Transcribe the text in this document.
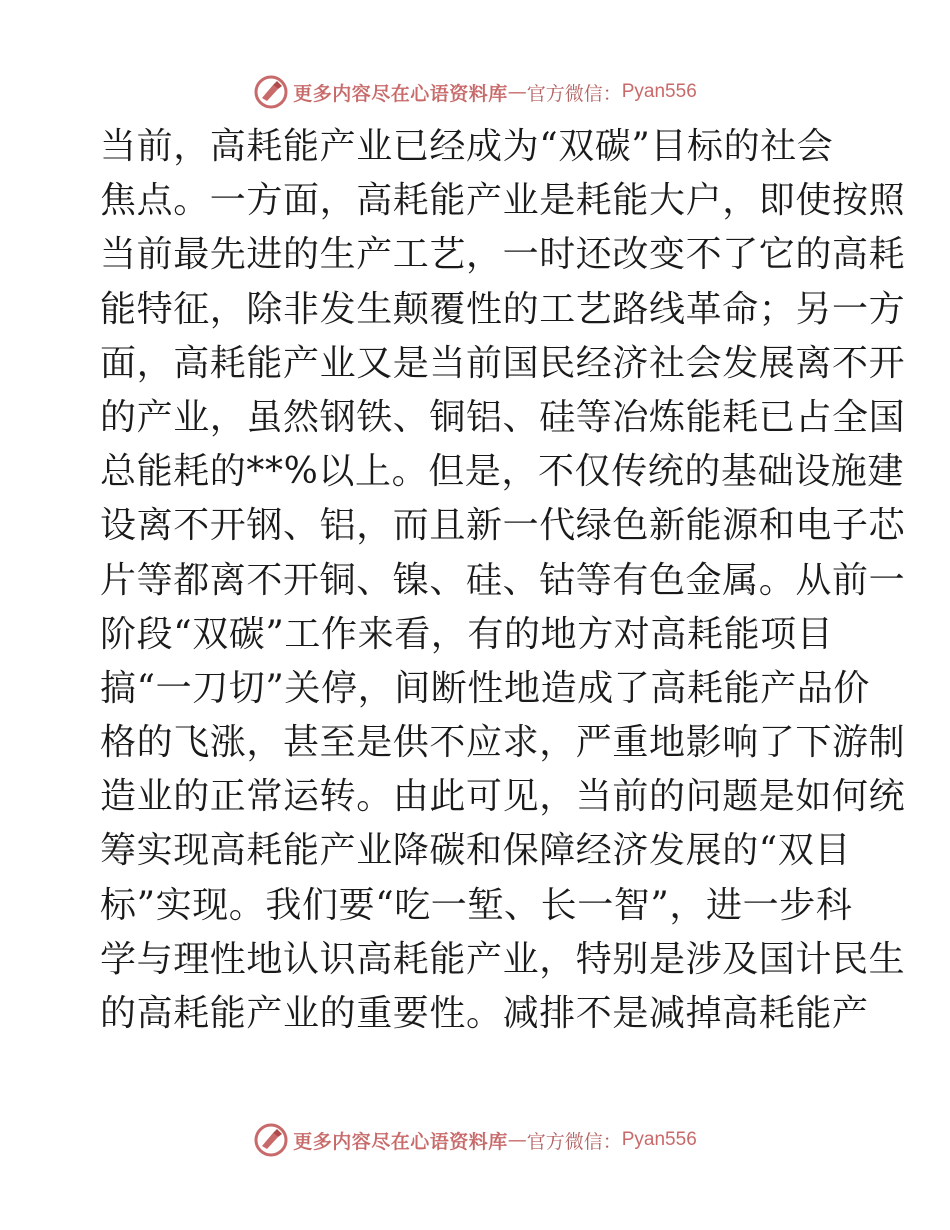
更多内容尽在心语资料库 — 官方微信： Pyan556
当前，高耗能产业已经成为“双碳”目标的社会
焦点。一方面，高耗能产业是耗能大户，即使按照
当前最先进的生产工艺，一时还改变不了它的高耗
能特征，除非发生颠覆性的工艺路线革命；另一方
面，高耗能产业又是当前国民经济社会发展离不开
的产业，虽然钢铁、铜铝、硅等冶炼能耗已占全国
总能耗的**%以上。但是，不仅传统的基础设施建
设离不开钢、铝，而且新一代绿色新能源和电子芯
片等都离不开铜、镍、硅、钴等有色金属。从前一
阶段“双碳”工作来看，有的地方对高耗能项目
搞“一刀切”关停，间断性地造成了高耗能产品价
格的飞涨，甚至是供不应求，严重地影响了下游制
造业的正常运转。由此可见，当前的问题是如何统
筹实现高耗能产业降碳和保障经济发展的“双目
标”实现。我们要“吃一堑、长一智”，进一步科
学与理性地认识高耗能产业，特别是涉及国计民生
的高耗能产业的重要性。减排不是减掉高耗能产
更多内容尽在心语资料库 — 官方微信： Pyan556
